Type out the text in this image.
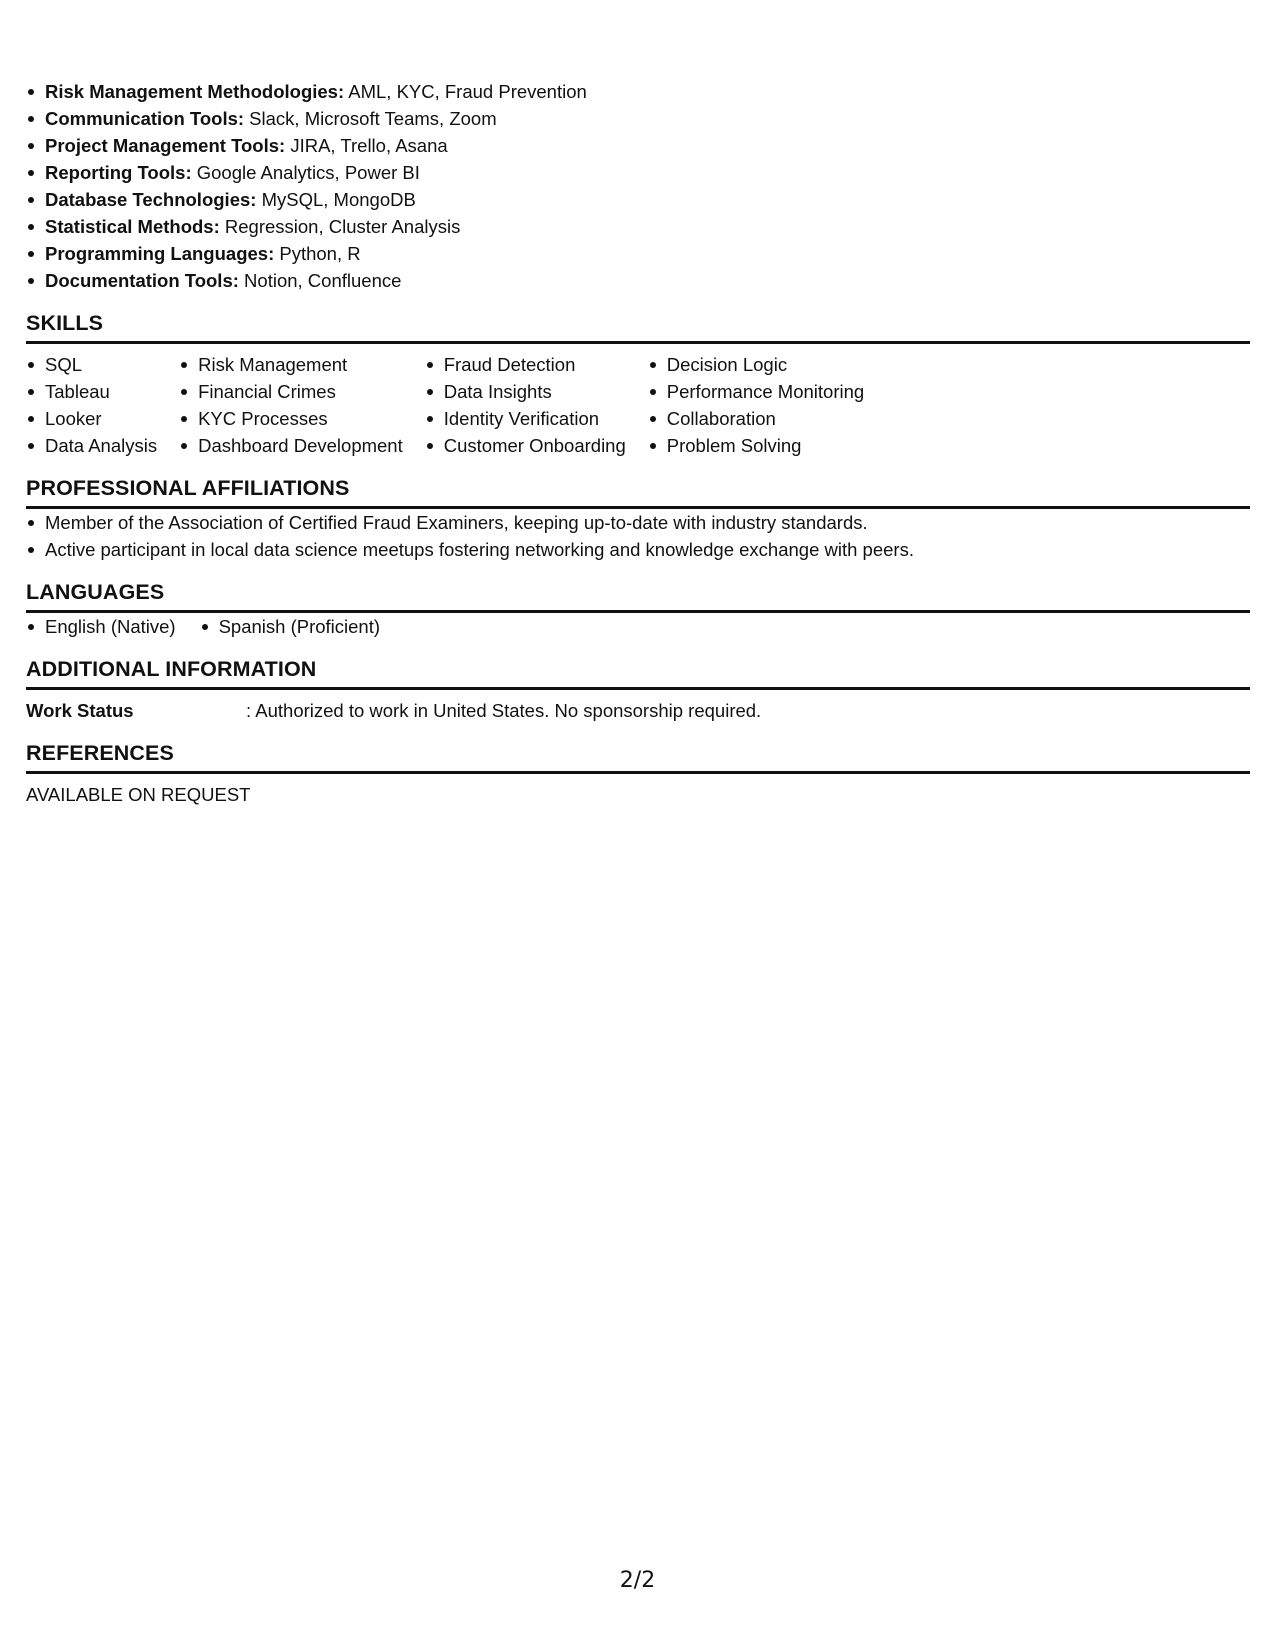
Risk Management Methodologies: AML, KYC, Fraud Prevention
Communication Tools: Slack, Microsoft Teams, Zoom
Project Management Tools: JIRA, Trello, Asana
Reporting Tools: Google Analytics, Power BI
Database Technologies: MySQL, MongoDB
Statistical Methods: Regression, Cluster Analysis
Programming Languages: Python, R
Documentation Tools: Notion, Confluence
SKILLS
SQL
Tableau
Looker
Data Analysis
Risk Management
Financial Crimes
KYC Processes
Dashboard Development
Fraud Detection
Data Insights
Identity Verification
Customer Onboarding
Decision Logic
Performance Monitoring
Collaboration
Problem Solving
PROFESSIONAL AFFILIATIONS
Member of the Association of Certified Fraud Examiners, keeping up-to-date with industry standards.
Active participant in local data science meetups fostering networking and knowledge exchange with peers.
LANGUAGES
English (Native)	Spanish (Proficient)
ADDITIONAL INFORMATION
Work Status	: Authorized to work in United States. No sponsorship required.
REFERENCES
AVAILABLE ON REQUEST
2/2
